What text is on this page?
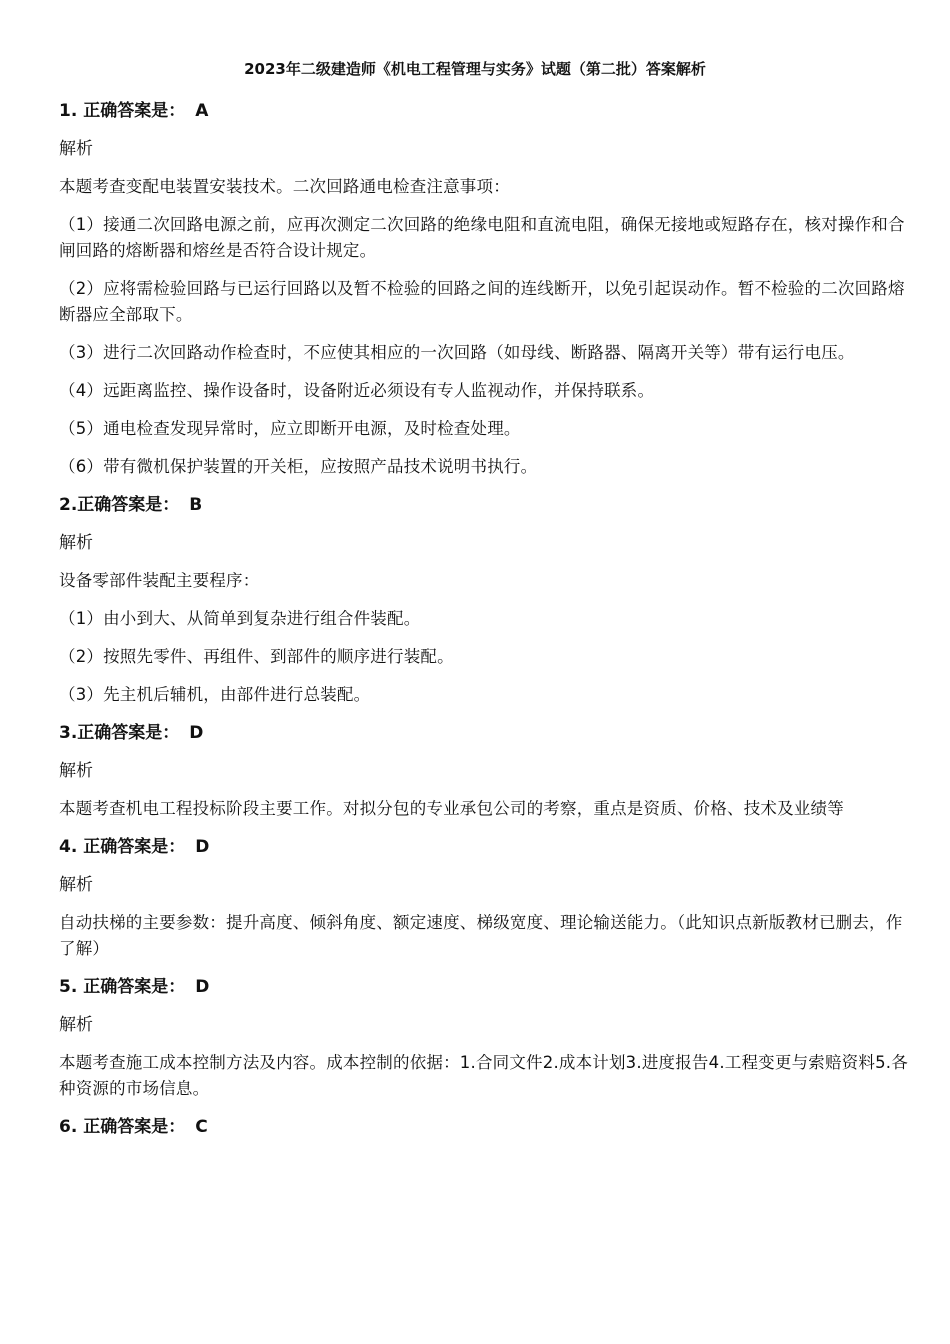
2023年二级建造师《机电工程管理与实务》试题（第二批）答案解析
1. 正确答案是： A
解析
本题考查变配电装置安装技术。二次回路通电检查注意事项：
（1）接通二次回路电源之前，应再次测定二次回路的绝缘电阻和直流电阻，确保无接地或短路存在，核对操作和合闸回路的熔断器和熔丝是否符合设计规定。
（2）应将需检验回路与已运行回路以及暂不检验的回路之间的连线断开，以免引起误动作。暂不检验的二次回路熔断器应全部取下。
（3）进行二次回路动作检查时，不应使其相应的一次回路（如母线、断路器、隔离开关等）带有运行电压。
（4）远距离监控、操作设备时，设备附近必须设有专人监视动作，并保持联系。
（5）通电检查发现异常时，应立即断开电源，及时检查处理。
（6）带有微机保护装置的开关柜，应按照产品技术说明书执行。
2.正确答案是： B
解析
设备零部件装配主要程序：
（1）由小到大、从简单到复杂进行组合件装配。
（2）按照先零件、再组件、到部件的顺序进行装配。
（3）先主机后辅机，由部件进行总装配。
3.正确答案是： D
解析
本题考查机电工程投标阶段主要工作。对拟分包的专业承包公司的考察，重点是资质、价格、技术及业绩等
4. 正确答案是： D
解析
自动扶梯的主要参数：提升高度、倾斜角度、额定速度、梯级宽度、理论输送能力。（此知识点新版教材已删去，作了解）
5. 正确答案是： D
解析
本题考查施工成本控制方法及内容。成本控制的依据：1.合同文件2.成本计划3.进度报告4.工程变更与索赔资料5.各种资源的市场信息。
6. 正确答案是： C
